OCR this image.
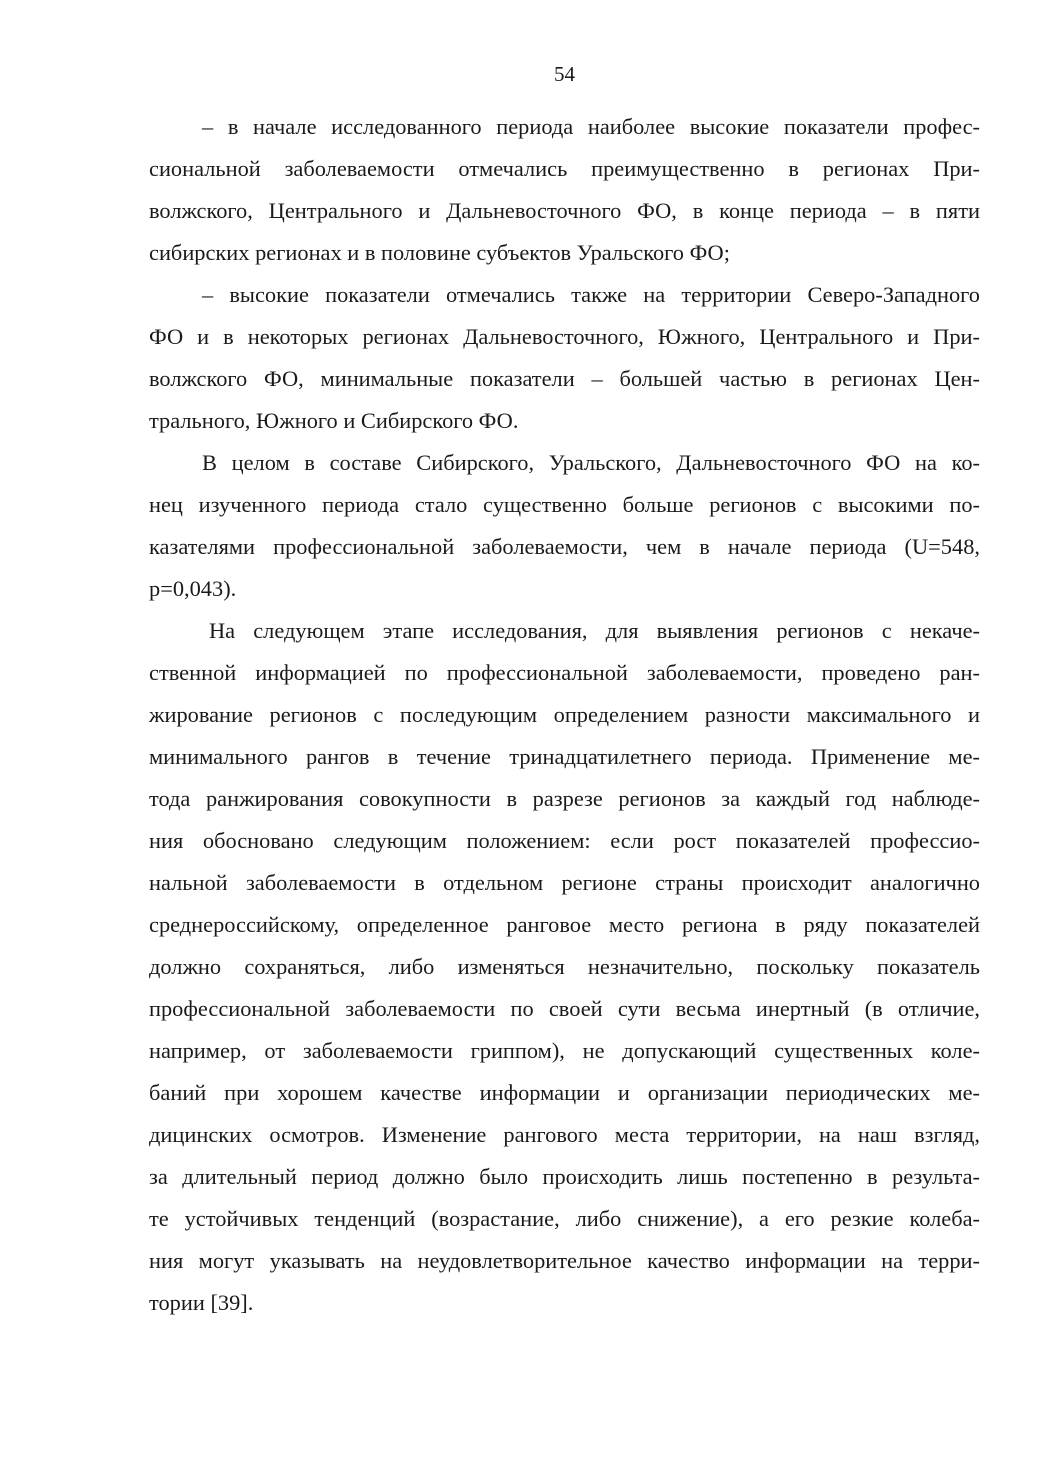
54
– в начале исследованного периода наиболее высокие показатели профес-
сиональной заболеваемости отмечались преимущественно в регионах При-
волжского, Центрального и Дальневосточного ФО, в конце периода – в пяти
сибирских регионах и в половине субъектов Уральского ФО;
– высокие показатели отмечались также на территории Северо-Западного
ФО и в некоторых регионах Дальневосточного, Южного, Центрального и При-
волжского ФО, минимальные показатели – большей частью в регионах Цен-
трального, Южного и Сибирского ФО.
В целом в составе Сибирского, Уральского, Дальневосточного ФО на ко-
нец изученного периода стало существенно больше регионов с высокими по-
казателями профессиональной заболеваемости, чем в начале периода (U=548,
p=0,043).
На следующем этапе исследования, для выявления регионов с некаче-
ственной информацией по профессиональной заболеваемости, проведено ран-
жирование регионов с последующим определением разности максимального и
минимального рангов в течение тринадцатилетнего периода. Применение ме-
тода ранжирования совокупности в разрезе регионов за каждый год наблюде-
ния обосновано следующим положением: если рост показателей профессио-
нальной заболеваемости в отдельном регионе страны происходит аналогично
среднероссийскому, определенное ранговое место региона в ряду показателей
должно сохраняться, либо изменяться незначительно, поскольку показатель
профессиональной заболеваемости по своей сути весьма инертный (в отличие,
например, от заболеваемости гриппом), не допускающий существенных коле-
баний при хорошем качестве информации и организации периодических ме-
дицинских осмотров. Изменение рангового места территории, на наш взгляд,
за длительный период должно было происходить лишь постепенно в результа-
те устойчивых тенденций (возрастание, либо снижение), а его резкие колеба-
ния могут указывать на неудовлетворительное качество информации на терри-
тории [39].
